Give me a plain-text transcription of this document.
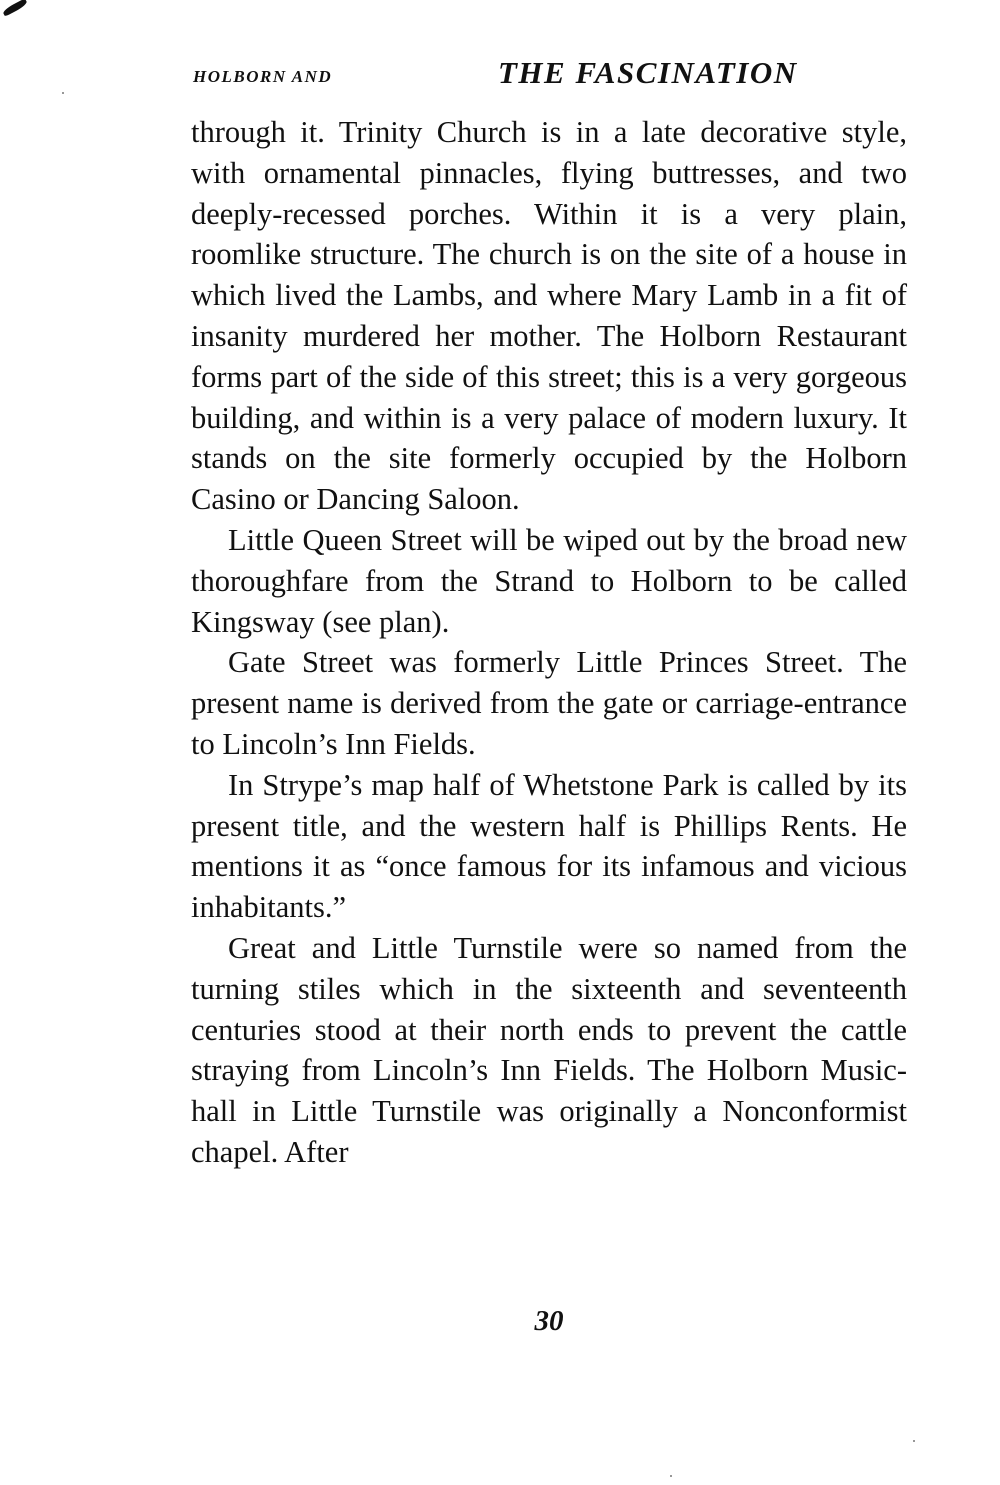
HOLBORN AND	THE FASCINATION

through it. Trinity Church is in a late decorative style, with ornamental pinnacles, flying buttresses, and two deeply-recessed porches. Within it is a very plain, roomlike structure. The church is on the site of a house in which lived the Lambs, and where Mary Lamb in a fit of insanity murdered her mother. The Holborn Restaurant forms part of the side of this street; this is a very gorgeous building, and within is a very palace of modern luxury. It stands on the site formerly occupied by the Holborn Casino or Dancing Saloon.

Little Queen Street will be wiped out by the broad new thoroughfare from the Strand to Holborn to be called Kingsway (see plan).

Gate Street was formerly Little Princes Street. The present name is derived from the gate or carriage-entrance to Lincoln’s Inn Fields.

In Strype’s map half of Whetstone Park is called by its present title, and the western half is Phillips Rents. He mentions it as “once famous for its infamous and vicious inhabitants.”

Great and Little Turnstile were so named from the turning stiles which in the sixteenth and seventeenth centuries stood at their north ends to prevent the cattle straying from Lincoln’s Inn Fields. The Holborn Music-hall in Little Turnstile was originally a Nonconformist chapel. After

30
